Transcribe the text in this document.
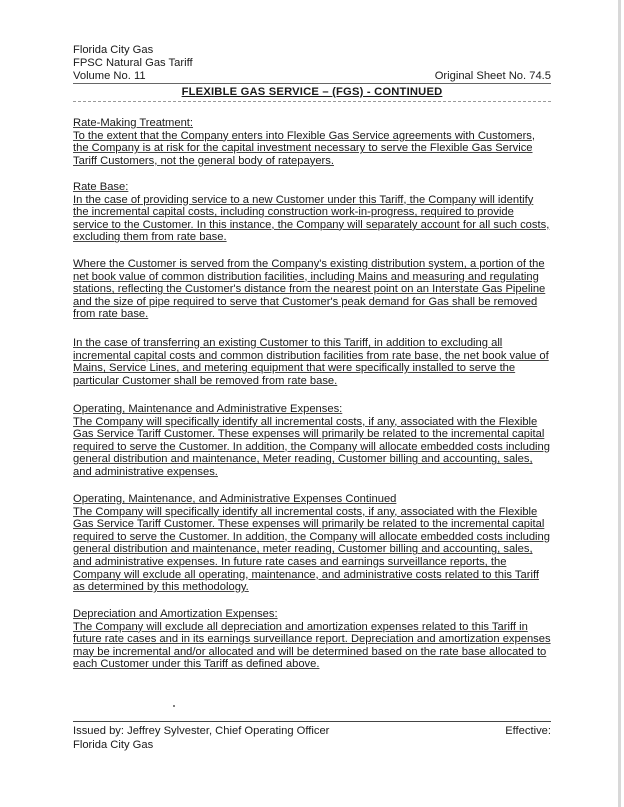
Florida City Gas
FPSC Natural Gas Tariff
Volume No. 11	Original Sheet No. 74.5
FLEXIBLE GAS SERVICE – (FGS) - CONTINUED

Rate-Making Treatment:

To the extent that the Company enters into Flexible Gas Service agreements with Customers, the Company is at risk for the capital investment necessary to serve the Flexible Gas Service Tariff Customers, not the general body of ratepayers.

Rate Base:

In the case of providing service to a new Customer under this Tariff, the Company will identify the incremental capital costs, including construction work-in-progress, required to provide service to the Customer. In this instance, the Company will separately account for all such costs, excluding them from rate base.

Where the Customer is served from the Company's existing distribution system, a portion of the net book value of common distribution facilities, including Mains and measuring and regulating stations, reflecting the Customer's distance from the nearest point on an Interstate Gas Pipeline and the size of pipe required to serve that Customer's peak demand for Gas shall be removed from rate base.

In the case of transferring an existing Customer to this Tariff, in addition to excluding all incremental capital costs and common distribution facilities from rate base, the net book value of Mains, Service Lines, and metering equipment that were specifically installed to serve the particular Customer shall be removed from rate base.

Operating, Maintenance and Administrative Expenses:

The Company will specifically identify all incremental costs, if any, associated with the Flexible Gas Service Tariff Customer. These expenses will primarily be related to the incremental capital required to serve the Customer. In addition, the Company will allocate embedded costs including general distribution and maintenance, Meter reading, Customer billing and accounting, sales, and administrative expenses.

Operating, Maintenance, and Administrative Expenses Continued

The Company will specifically identify all incremental costs, if any, associated with the Flexible Gas Service Tariff Customer. These expenses will primarily be related to the incremental capital required to serve the Customer. In addition, the Company will allocate embedded costs including general distribution and maintenance, meter reading, Customer billing and accounting, sales, and administrative expenses. In future rate cases and earnings surveillance reports, the Company will exclude all operating, maintenance, and administrative costs related to this Tariff as determined by this methodology.

Depreciation and Amortization Expenses:

The Company will exclude all depreciation and amortization expenses related to this Tariff in future rate cases and in its earnings surveillance report. Depreciation and amortization expenses may be incremental and/or allocated and will be determined based on the rate base allocated to each Customer under this Tariff as defined above.

Issued by: Jeffrey Sylvester, Chief Operating Officer	Effective:
Florida City Gas
